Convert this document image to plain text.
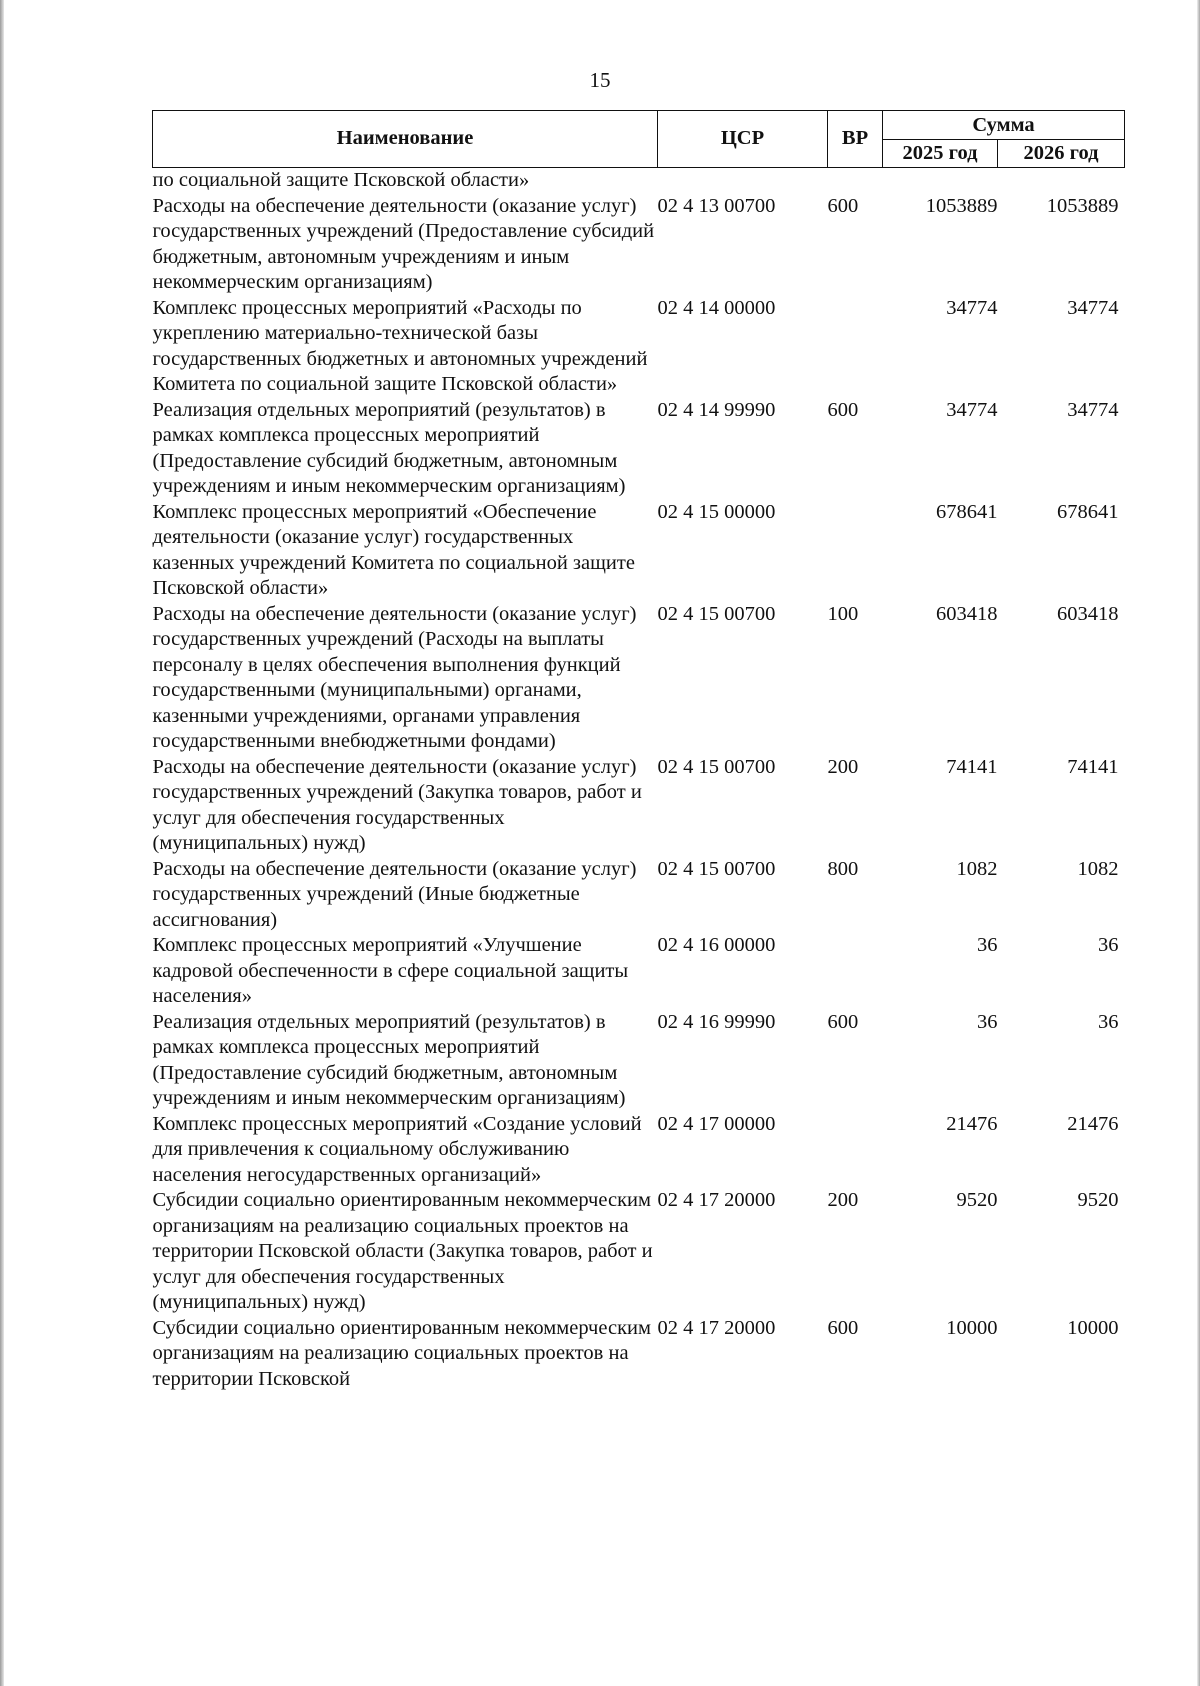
15
Наименование	ЦСР	ВР	Сумма	
			2025 год	2026 год
по социальной защите Псковской области»				
Расходы на обеспечение деятельности (оказание услуг) государственных учреждений (Предоставление субсидий бюджетным, автономным учреждениям и иным некоммерческим организациям)	02 4 13 00700	600	1053889	1053889
Комплекс процессных мероприятий «Расходы по укреплению материально-технической базы государственных бюджетных и автономных учреждений Комитета по социальной защите Псковской области»	02 4 14 00000		34774	34774
Реализация отдельных мероприятий (результатов) в рамках комплекса процессных мероприятий (Предоставление субсидий бюджетным, автономным учреждениям и иным некоммерческим организациям)	02 4 14 99990	600	34774	34774
Комплекс процессных мероприятий «Обеспечение деятельности (оказание услуг) государственных казенных учреждений Комитета по социальной защите Псковской области»	02 4 15 00000		678641	678641
Расходы на обеспечение деятельности (оказание услуг) государственных учреждений (Расходы на выплаты персоналу в целях обеспечения выполнения функций государственными (муниципальными) органами, казенными учреждениями, органами управления государственными внебюджетными фондами)	02 4 15 00700	100	603418	603418
Расходы на обеспечение деятельности (оказание услуг) государственных учреждений (Закупка товаров, работ и услуг для обеспечения государственных (муниципальных) нужд)	02 4 15 00700	200	74141	74141
Расходы на обеспечение деятельности (оказание услуг) государственных учреждений (Иные бюджетные ассигнования)	02 4 15 00700	800	1082	1082
Комплекс процессных мероприятий «Улучшение кадровой обеспеченности в сфере социальной защиты населения»	02 4 16 00000		36	36
Реализация отдельных мероприятий (результатов) в рамках комплекса процессных мероприятий (Предоставление субсидий бюджетным, автономным учреждениям и иным некоммерческим организациям)	02 4 16 99990	600	36	36
Комплекс процессных мероприятий «Создание условий для привлечения к социальному обслуживанию населения негосударственных организаций»	02 4 17 00000		21476	21476
Субсидии социально ориентированным некоммерческим организациям на реализацию социальных проектов на территории Псковской области (Закупка товаров, работ и услуг для обеспечения государственных (муниципальных) нужд)	02 4 17 20000	200	9520	9520
Субсидии социально ориентированным некоммерческим организациям на реализацию социальных проектов на территории Псковской	02 4 17 20000	600	10000	10000
